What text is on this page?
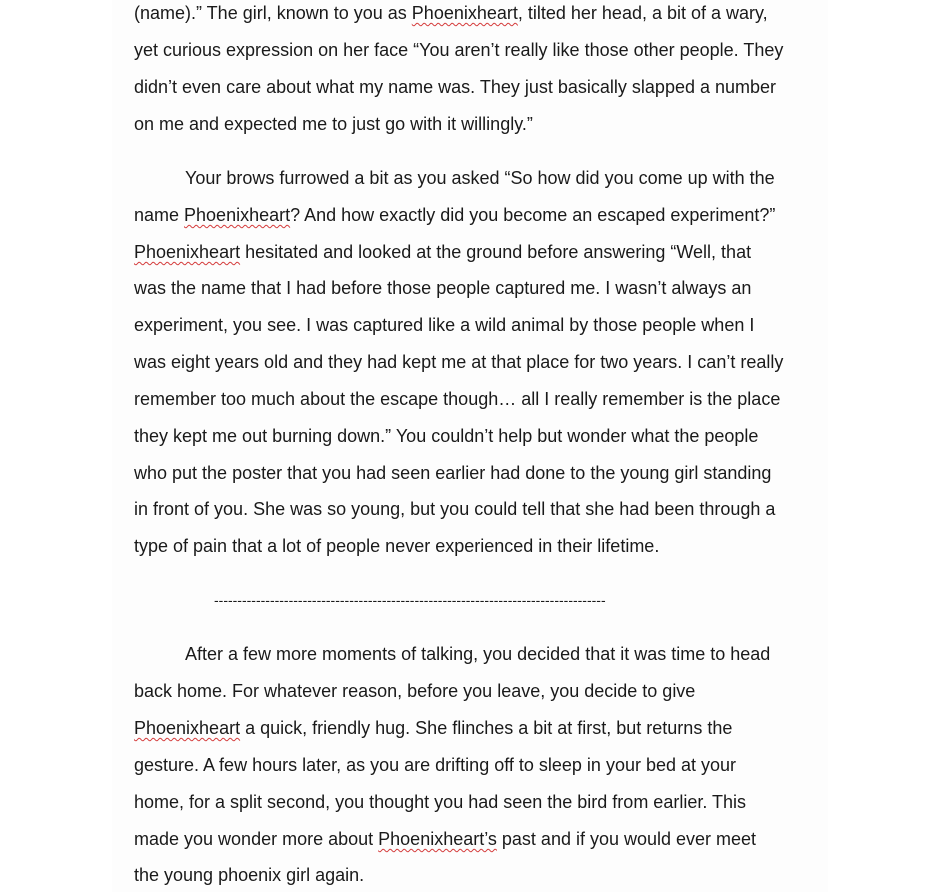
(name).” The girl, known to you as Phoenixheart, tilted her head, a bit of a wary,
yet curious expression on her face “You aren’t really like those other people. They
didn’t even care about what my name was. They just basically slapped a number
on me and expected me to just go with it willingly.”
Your brows furrowed a bit as you asked “So how did you come up with the
name Phoenixheart? And how exactly did you become an escaped experiment?”
Phoenixheart hesitated and looked at the ground before answering “Well, that
was the name that I had before those people captured me. I wasn’t always an
experiment, you see. I was captured like a wild animal by those people when I
was eight years old and they had kept me at that place for two years. I can’t really
remember too much about the escape though… all I really remember is the place
they kept me out burning down.” You couldn’t help but wonder what the people
who put the poster that you had seen earlier had done to the young girl standing
in front of you. She was so young, but you could tell that she had been through a
type of pain that a lot of people never experienced in their lifetime.
After a few more moments of talking, you decided that it was time to head
back home. For whatever reason, before you leave, you decide to give
Phoenixheart a quick, friendly hug. She flinches a bit at first, but returns the
gesture. A few hours later, as you are drifting off to sleep in your bed at your
home, for a split second, you thought you had seen the bird from earlier. This
made you wonder more about Phoenixheart’s past and if you would ever meet
the young phoenix girl again.
------------------------------------------------------------------------------------
